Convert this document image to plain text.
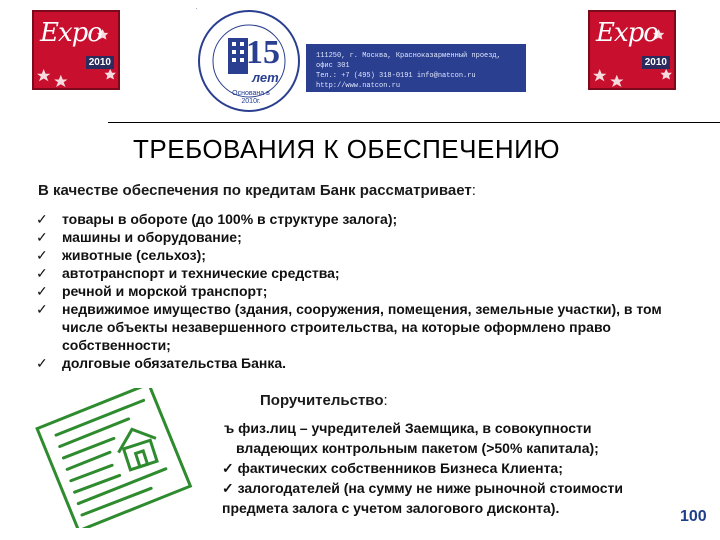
Expo
2010
Expo
2010
15
лет
Основана в 2010г.
111250, г. Москва, Красноказарменный проезд, офис 301
Тел.: +7 (495) 318-0191 info@natcon.ru http://www.natcon.ru
ТРЕБОВАНИЯ К ОБЕСПЕЧЕНИЮ
В качестве обеспечения по кредитам Банк рассматривает:
✓ товары в обороте (до 100% в структуре залога);
✓ машины и оборудование;
✓ животные (сельхоз);
✓ автотранспорт и технические средства;
✓ речной и морской транспорт;
✓ недвижимое имущество (здания, сооружения, помещения, земельные участки), в том числе объекты незавершенного строительства, на которые оформлено право собственности;
✓ долговые обязательства Банка.
Поручительство:
ъ физ.лиц – учредителей Заемщика, в совокупности
владеющих контрольным пакетом (>50% капитала);
✓ фактических собственников Бизнеса Клиента;
✓ залогодателей (на сумму не ниже рыночной стоимости
предмета залога с учетом залогового дисконта).	100
